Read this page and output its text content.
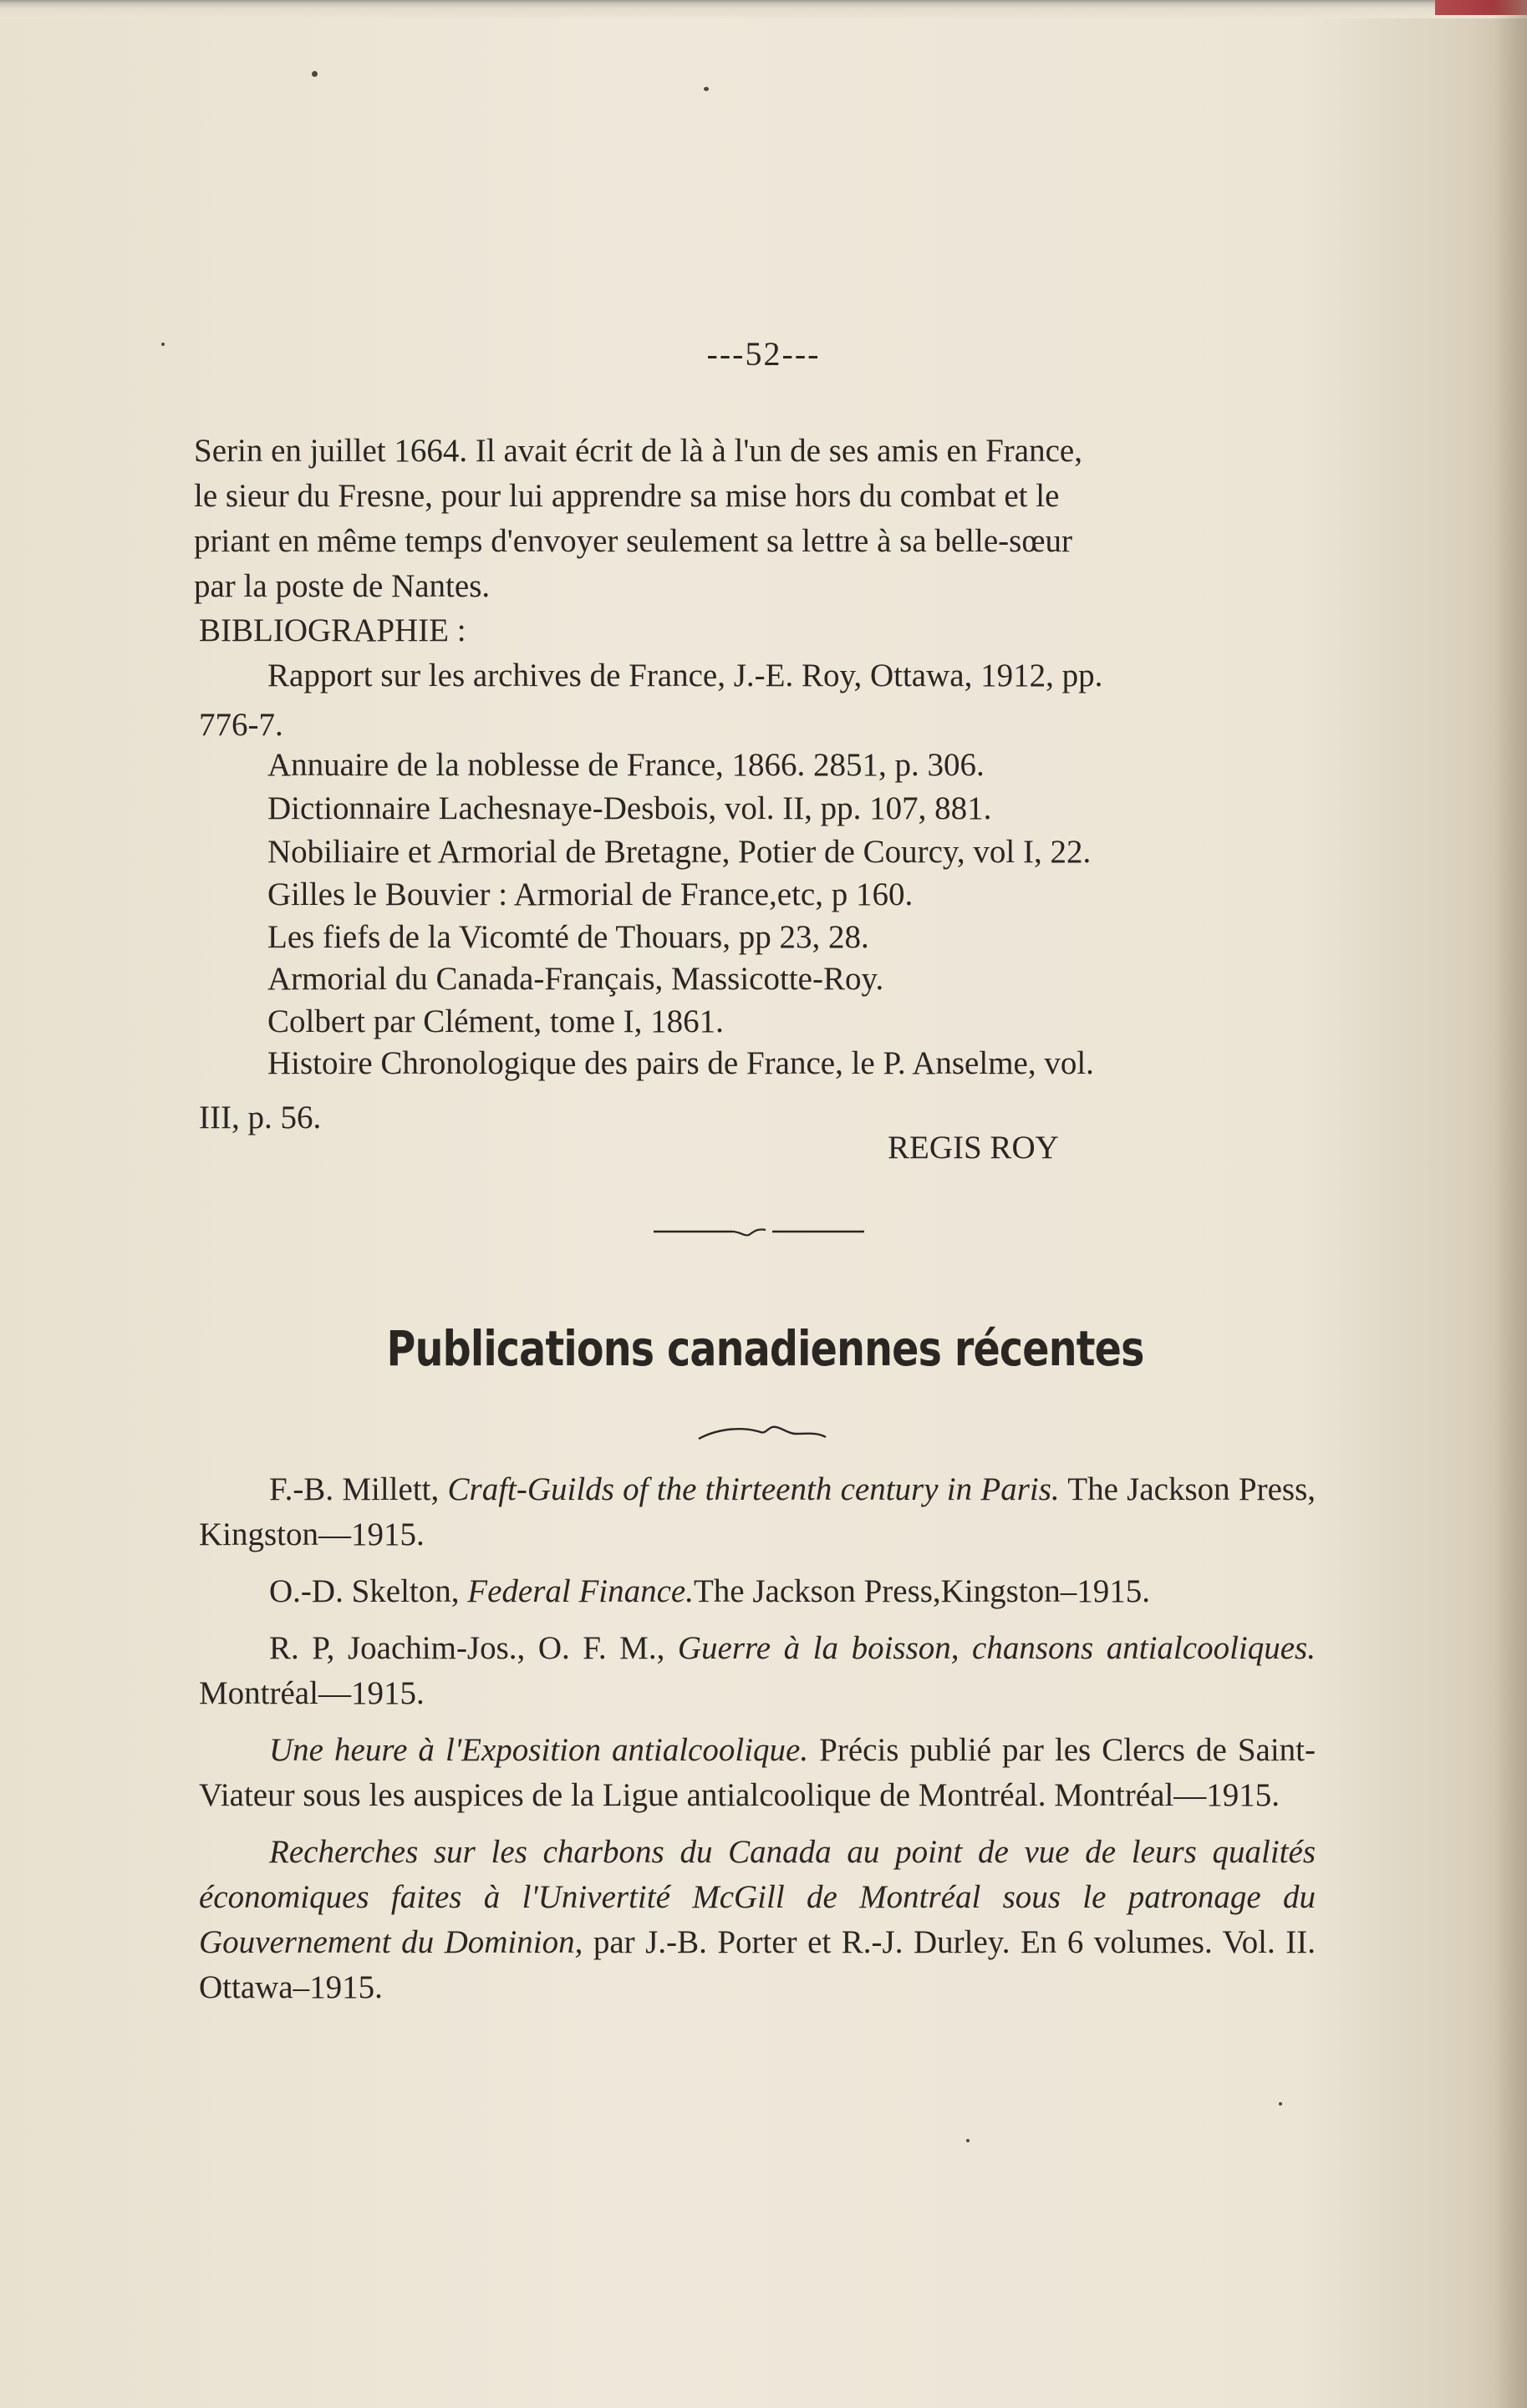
---52---
Serin en juillet 1664. Il avait écrit de là à l'un de ses amis en France,
le sieur du Fresne, pour lui apprendre sa mise hors du combat et le
priant en même temps d'envoyer seulement sa lettre à sa belle-sœur
par la poste de Nantes.
BIBLIOGRAPHIE :
Rapport sur les archives de France, J.-E. Roy, Ottawa, 1912, pp.
776-7.
Annuaire de la noblesse de France, 1866. 2851, p. 306.
Dictionnaire Lachesnaye-Desbois, vol. II, pp. 107, 881.
Nobiliaire et Armorial de Bretagne, Potier de Courcy, vol I, 22.
Gilles le Bouvier : Armorial de France,etc, p 160.
Les fiefs de la Vicomté de Thouars, pp 23, 28.
Armorial du Canada-Français, Massicotte-Roy.
Colbert par Clément, tome I, 1861.
Histoire Chronologique des pairs de France, le P. Anselme, vol.
III, p. 56.
REGIS ROY
Publications canadiennes récentes

F.-B. Millett, Craft-Guilds of the thirteenth century in Paris. The Jackson Press, Kingston—1915.

O.-D. Skelton, Federal Finance.The Jackson Press,Kingston–1915.

R. P, Joachim-Jos., O. F. M., Guerre à la boisson, chansons antialcooliques. Montréal—1915.

Une heure à l'Exposition antialcoolique. Précis publié par les Clercs de Saint-Viateur sous les auspices de la Ligue antialcoolique de Montréal. Montréal—1915.

Recherches sur les charbons du Canada au point de vue de leurs qualités économiques faites à l'Univertité McGill de Montréal sous le patronage du Gouvernement du Dominion, par J.-B. Porter et R.-J. Durley. En 6 volumes. Vol. II. Ottawa–1915.
